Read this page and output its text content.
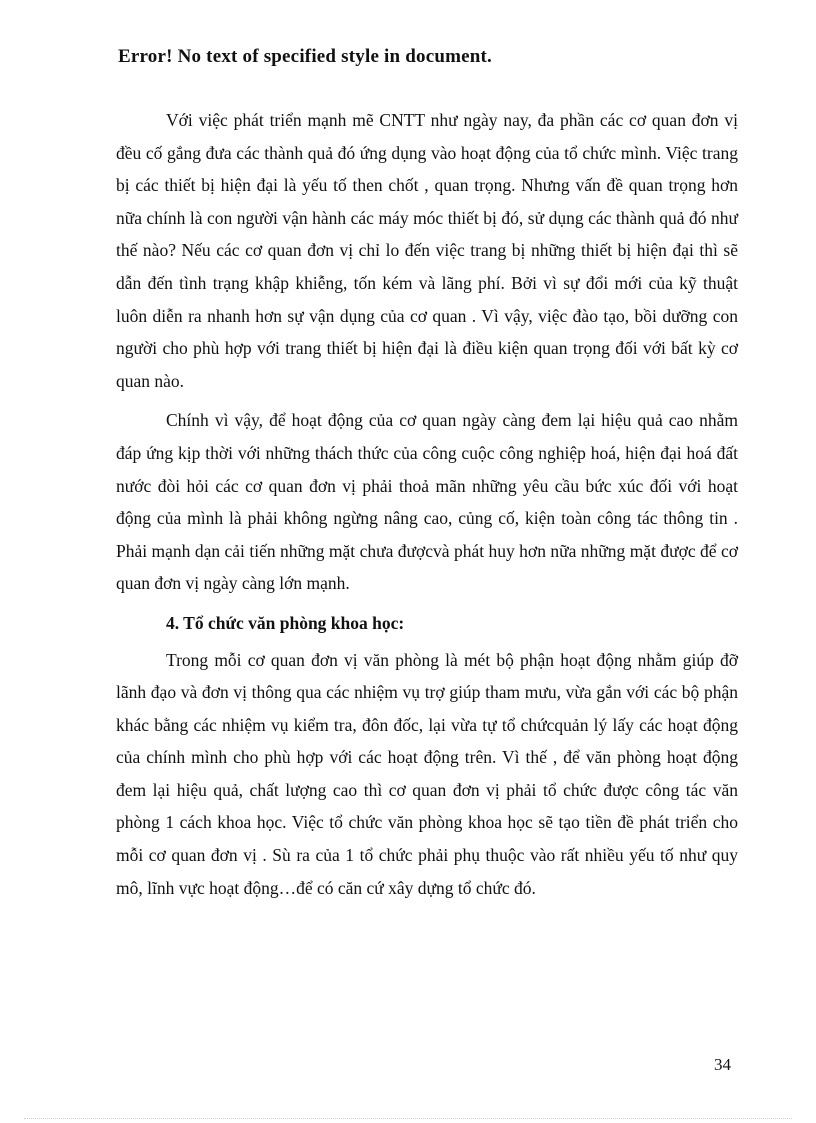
Error! No text of specified style in document.

Với việc phát triển mạnh mẽ CNTT như ngày nay, đa phần các cơ quan đơn vị đều cố gắng đưa các thành quả đó ứng dụng vào hoạt động của tổ chức mình. Việc trang bị các thiết bị hiện đại là yếu tố then chốt , quan trọng. Nhưng vấn đề quan trọng hơn nữa chính là con người vận hành các máy móc thiết bị đó, sử dụng các thành quả đó như thế nào? Nếu các cơ quan đơn vị chỉ lo đến việc trang bị những thiết bị hiện đại thì sẽ dẫn đến tình trạng khập khiễng, tốn kém và lãng phí. Bởi vì sự đổi mới của kỹ thuật luôn diễn ra nhanh hơn sự vận dụng của cơ quan . Vì vậy, việc đào tạo, bồi dưỡng con người cho phù hợp với trang thiết bị hiện đại là điều kiện quan trọng đối với bất kỳ cơ quan nào.

Chính vì vậy, để hoạt động của cơ quan ngày càng đem lại hiệu quả cao nhằm đáp ứng kịp thời với những thách thức của công cuộc công nghiệp hoá, hiện đại hoá đất nước đòi hỏi các cơ quan đơn vị phải thoả mãn những yêu cầu bức xúc đối với hoạt động của mình là phải không ngừng nâng cao, củng cố, kiện toàn công tác thông tin . Phải mạnh dạn cải tiến những mặt chưa đượcvà phát huy hơn nữa những mặt được để cơ quan đơn vị ngày càng lớn mạnh.

4. Tổ chức văn phòng khoa học:

Trong mỗi cơ quan đơn vị văn phòng là mét bộ phận hoạt động nhằm giúp đỡ lãnh đạo và đơn vị thông qua các nhiệm vụ trợ giúp tham mưu, vừa gắn với các bộ phận khác bằng các nhiệm vụ kiểm tra, đôn đốc, lại vừa tự tổ chứcquản lý lấy các hoạt động của chính mình cho phù hợp với các hoạt động trên. Vì thế , để văn phòng hoạt động đem lại hiệu quả, chất lượng cao thì cơ quan đơn vị phải tổ chức được công tác văn phòng 1 cách khoa học. Việc tổ chức văn phòng khoa học sẽ tạo tiền đề phát triển cho mỗi cơ quan đơn vị . Sù ra của 1 tổ chức phải phụ thuộc vào rất nhiều yếu tố như quy mô, lĩnh vực hoạt động…để có căn cứ xây dựng tổ chức đó.

34
